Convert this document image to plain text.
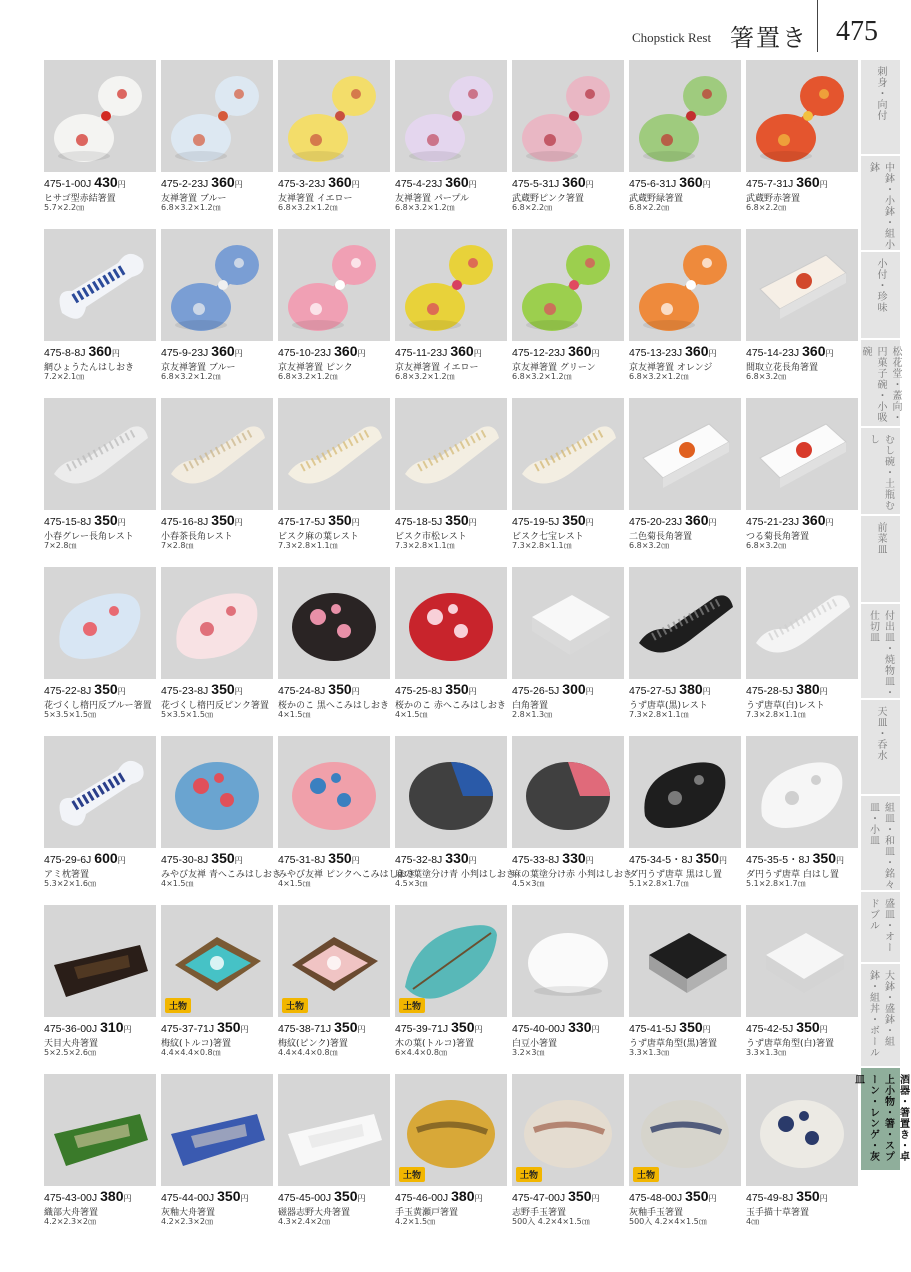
Chopstick Rest 箸置き 475
475-1-00J 430円
ヒサゴ型赤結箸置
5.7×2.2㎝
475-2-23J 360円
友禅箸置 ブルー
6.8×3.2×1.2㎝
475-3-23J 360円
友禅箸置 イエロー
6.8×3.2×1.2㎝
475-4-23J 360円
友禅箸置 パープル
6.8×3.2×1.2㎝
475-5-31J 360円
武蔵野ピンク箸置
6.8×2.2㎝
475-6-31J 360円
武蔵野緑箸置
6.8×2.2㎝
475-7-31J 360円
武蔵野赤箸置
6.8×2.2㎝
475-8-8J 360円
網ひょうたんはしおき
7.2×2.1㎝
475-9-23J 360円
京友禅箸置 ブルー
6.8×3.2×1.2㎝
475-10-23J 360円
京友禅箸置 ピンク
6.8×3.2×1.2㎝
475-11-23J 360円
京友禅箸置 イエロー
6.8×3.2×1.2㎝
475-12-23J 360円
京友禅箸置 グリーン
6.8×3.2×1.2㎝
475-13-23J 360円
京友禅箸置 オレンジ
6.8×3.2×1.2㎝
475-14-23J 360円
間取立花長角箸置
6.8×3.2㎝
475-15-8J 350円
小春グレー長角レスト
7×2.8㎝
475-16-8J 350円
小春茶長角レスト
7×2.8㎝
475-17-5J 350円
ビスク麻の葉レスト
7.3×2.8×1.1㎝
475-18-5J 350円
ビスク市松レスト
7.3×2.8×1.1㎝
475-19-5J 350円
ビスク七宝レスト
7.3×2.8×1.1㎝
475-20-23J 360円
二色菊長角箸置
6.8×3.2㎝
475-21-23J 360円
つる菊長角箸置
6.8×3.2㎝
475-22-8J 350円
花づくし楕円反ブルー箸置
5×3.5×1.5㎝
475-23-8J 350円
花づくし楕円反ピンク箸置
5×3.5×1.5㎝
475-24-8J 350円
桜かのこ 黒へこみはしおき
4×1.5㎝
475-25-8J 350円
桜かのこ 赤へこみはしおき
4×1.5㎝
475-26-5J 300円
白角箸置
2.8×1.3㎝
475-27-5J 380円
うず唐草(黒)レスト
7.3×2.8×1.1㎝
475-28-5J 380円
うず唐草(白)レスト
7.3×2.8×1.1㎝
475-29-6J 600円
アミ枕箸置
5.3×2×1.6㎝
475-30-8J 350円
みやび友禅 青へこみはしおき
4×1.5㎝
475-31-8J 350円
みやび友禅 ピンクへこみはしおき
4×1.5㎝
475-32-8J 330円
麻の葉塗分け青 小判はしおき
4.5×3㎝
475-33-8J 330円
麻の葉塗分け赤 小判はしおき
4.5×3㎝
475-34-5・8J 350円
ダ円うず唐草 黒はし置
5.1×2.8×1.7㎝
475-35-5・8J 350円
ダ円うず唐草 白はし置
5.1×2.8×1.7㎝
475-36-00J 310円
天目大舟箸置
5×2.5×2.6㎝
土物
475-37-71J 350円
梅紋(トルコ)箸置
4.4×4.4×0.8㎝
土物
475-38-71J 350円
梅紋(ピンク)箸置
4.4×4.4×0.8㎝
土物
475-39-71J 350円
木の葉(トルコ)箸置
6×4.4×0.8㎝
475-40-00J 330円
白豆小箸置
3.2×3㎝
475-41-5J 350円
うず唐草角型(黒)箸置
3.3×1.3㎝
475-42-5J 350円
うず唐草角型(白)箸置
3.3×1.3㎝
475-43-00J 380円
織部大舟箸置
4.2×2.3×2㎝
475-44-00J 350円
灰釉大舟箸置
4.2×2.3×2㎝
475-45-00J 350円
磁器志野大舟箸置
4.3×2.4×2㎝
土物
475-46-00J 380円
手玉黄瀬戸箸置
4.2×1.5㎝
土物
475-47-00J 350円
志野手玉箸置
500入 4.2×4×1.5㎝
土物
475-48-00J 350円
灰釉手玉箸置
500入 4.2×4×1.5㎝
475-49-8J 350円
玉手描十草箸置
4㎝
刺身・向付
中鉢・小鉢・組小鉢
小付・珍味
松花堂・蓋向・円菓子碗・小吸碗
むし碗・土瓶むし
前菜皿
付出皿・焼物皿・仕切皿
天皿・呑水
組皿・和皿・銘々皿・小皿
盛皿・オードブル
大鉢・盛鉢・組鉢・組丼・ボール
酒器・箸置き・卓上小物・箸・スプーン・レンゲ・灰皿
